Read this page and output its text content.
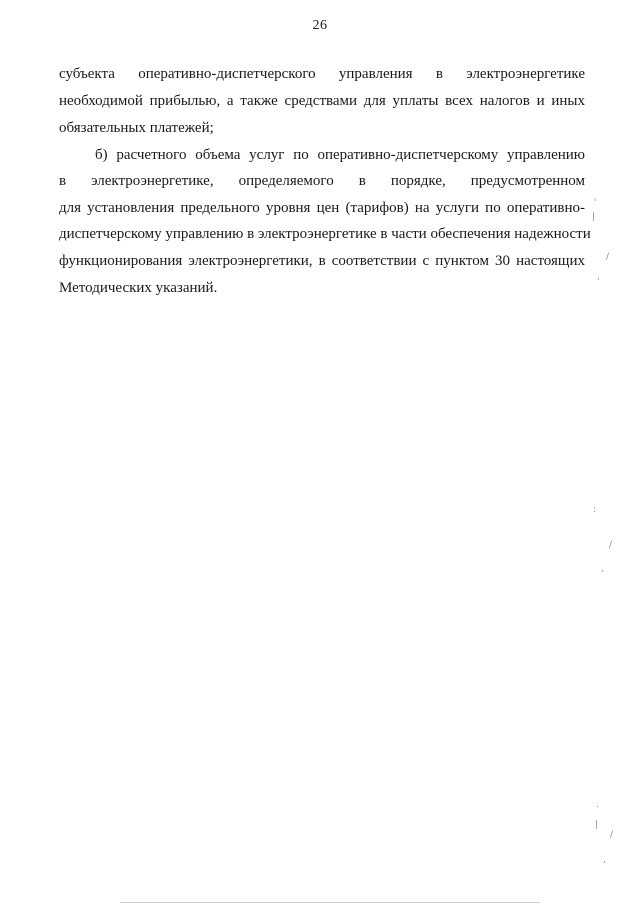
26
субъекта оперативно-диспетчерского управления в электроэнергетике
необходимой прибылью, а также средствами для уплаты всех налогов и иных
обязательных платежей;
б) расчетного объема услуг по оперативно-диспетчерскому управлению
в электроэнергетике, определяемого в порядке, предусмотренном
для установления предельного уровня цен (тарифов) на услуги по оперативно-
диспетчерскому управлению в электроэнергетике в части обеспечения надежности
функционирования электроэнергетики, в соответствии с пунктом 30 настоящих
Методических указаний.
'
|
/
,
:
/
,
.
|
/
,
